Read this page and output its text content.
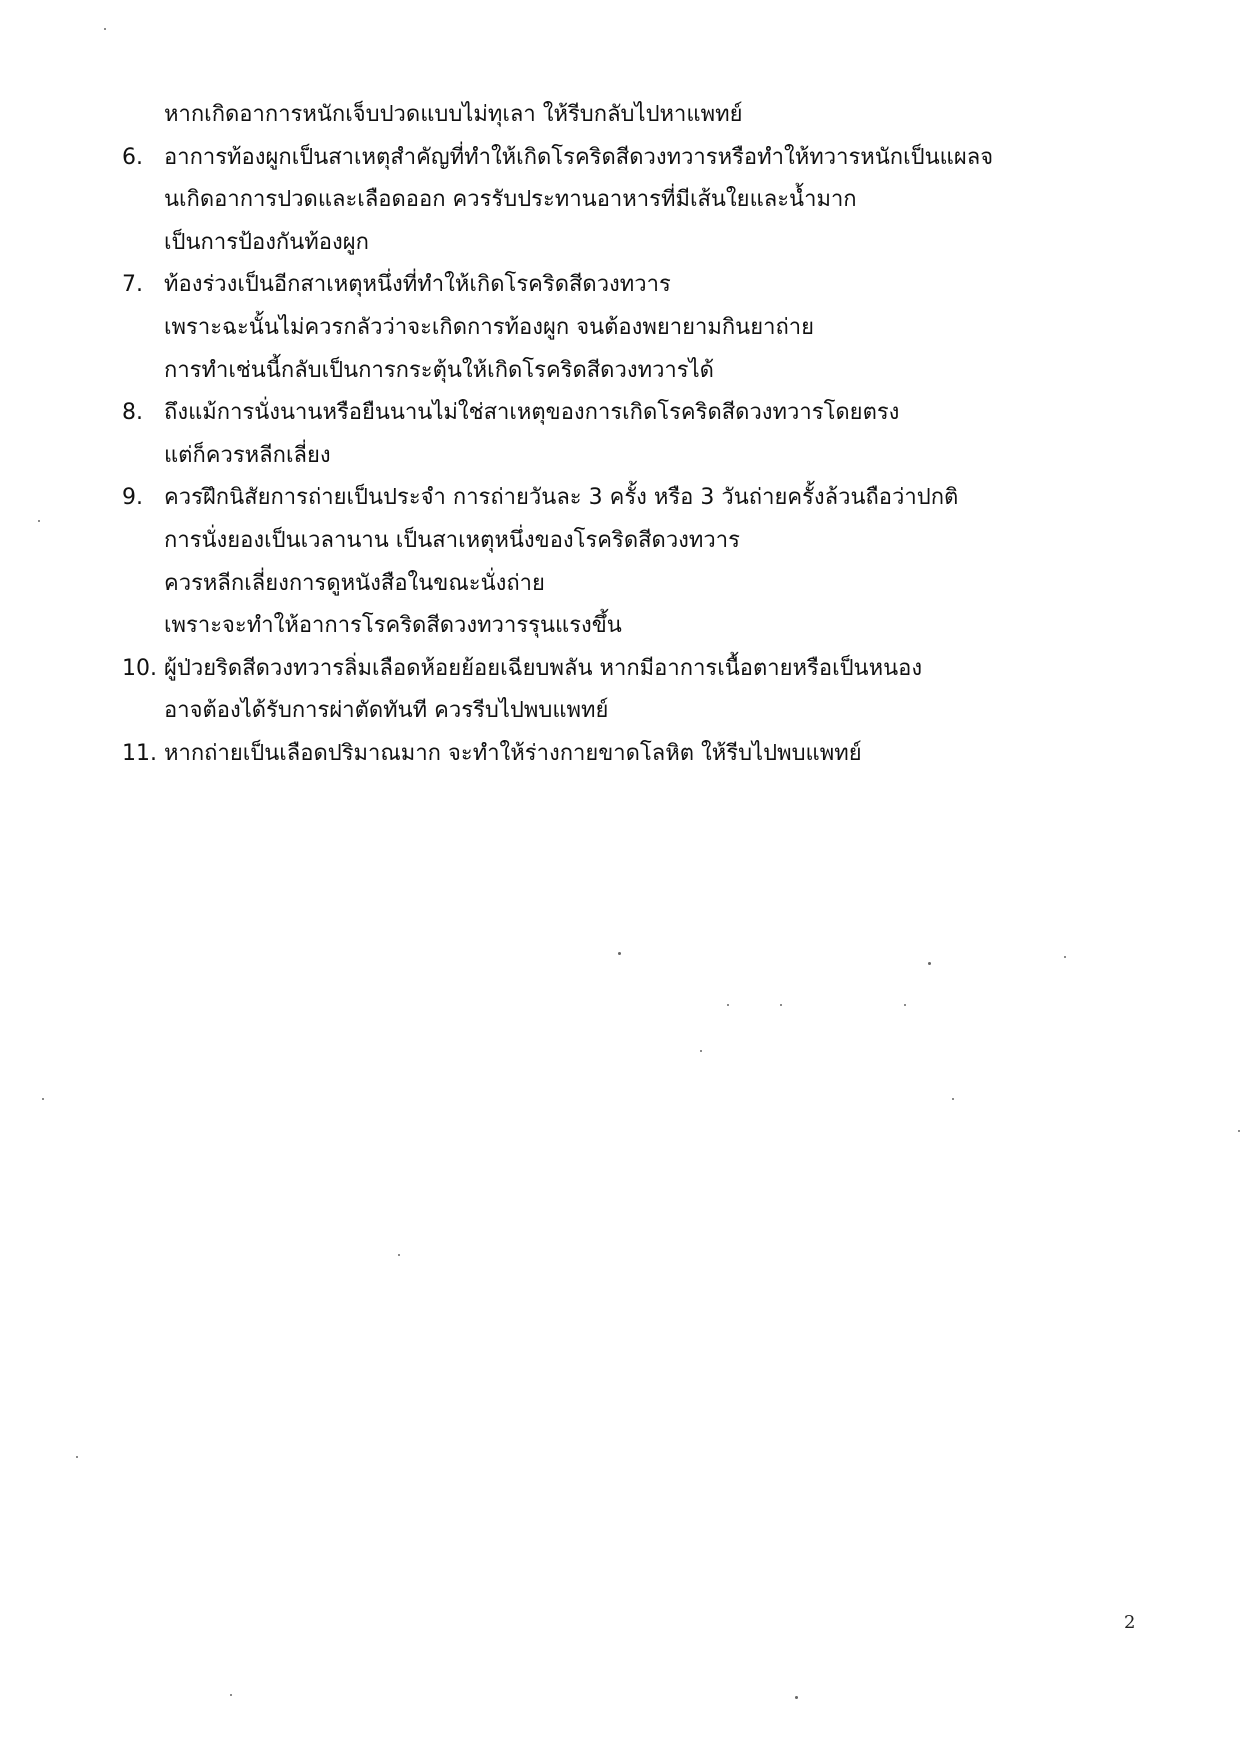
หากเกิดอาการหนักเจ็บปวดแบบไม่ทุเลา ให้รีบกลับไปหาแพทย์
6. อาการท้องผูกเป็นสาเหตุสำคัญที่ทำให้เกิดโรคริดสีดวงทวารหรือทำให้ทวารหนักเป็นแผลจ
นเกิดอาการปวดและเลือดออก ควรรับประทานอาหารที่มีเส้นใยและน้ำมาก
เป็นการป้องกันท้องผูก
7. ท้องร่วงเป็นอีกสาเหตุหนึ่งที่ทำให้เกิดโรคริดสีดวงทวาร
เพราะฉะนั้นไม่ควรกลัวว่าจะเกิดการท้องผูก จนต้องพยายามกินยาถ่าย
การทำเช่นนี้กลับเป็นการกระตุ้นให้เกิดโรคริดสีดวงทวารได้
8. ถึงแม้การนั่งนานหรือยืนนานไม่ใช่สาเหตุของการเกิดโรคริดสีดวงทวารโดยตรง
แต่ก็ควรหลีกเลี่ยง
9. ควรฝึกนิสัยการถ่ายเป็นประจำ การถ่ายวันละ 3 ครั้ง หรือ 3 วันถ่ายครั้งล้วนถือว่าปกติ
การนั่งยองเป็นเวลานาน เป็นสาเหตุหนึ่งของโรคริดสีดวงทวาร
ควรหลีกเลี่ยงการดูหนังสือในขณะนั่งถ่าย
เพราะจะทำให้อาการโรคริดสีดวงทวารรุนแรงขึ้น
10. ผู้ป่วยริดสีดวงทวารลิ่มเลือดห้อยย้อยเฉียบพลัน หากมีอาการเนื้อตายหรือเป็นหนอง
อาจต้องได้รับการผ่าตัดทันที ควรรีบไปพบแพทย์
11. หากถ่ายเป็นเลือดปริมาณมาก จะทำให้ร่างกายขาดโลหิต ให้รีบไปพบแพทย์
2
